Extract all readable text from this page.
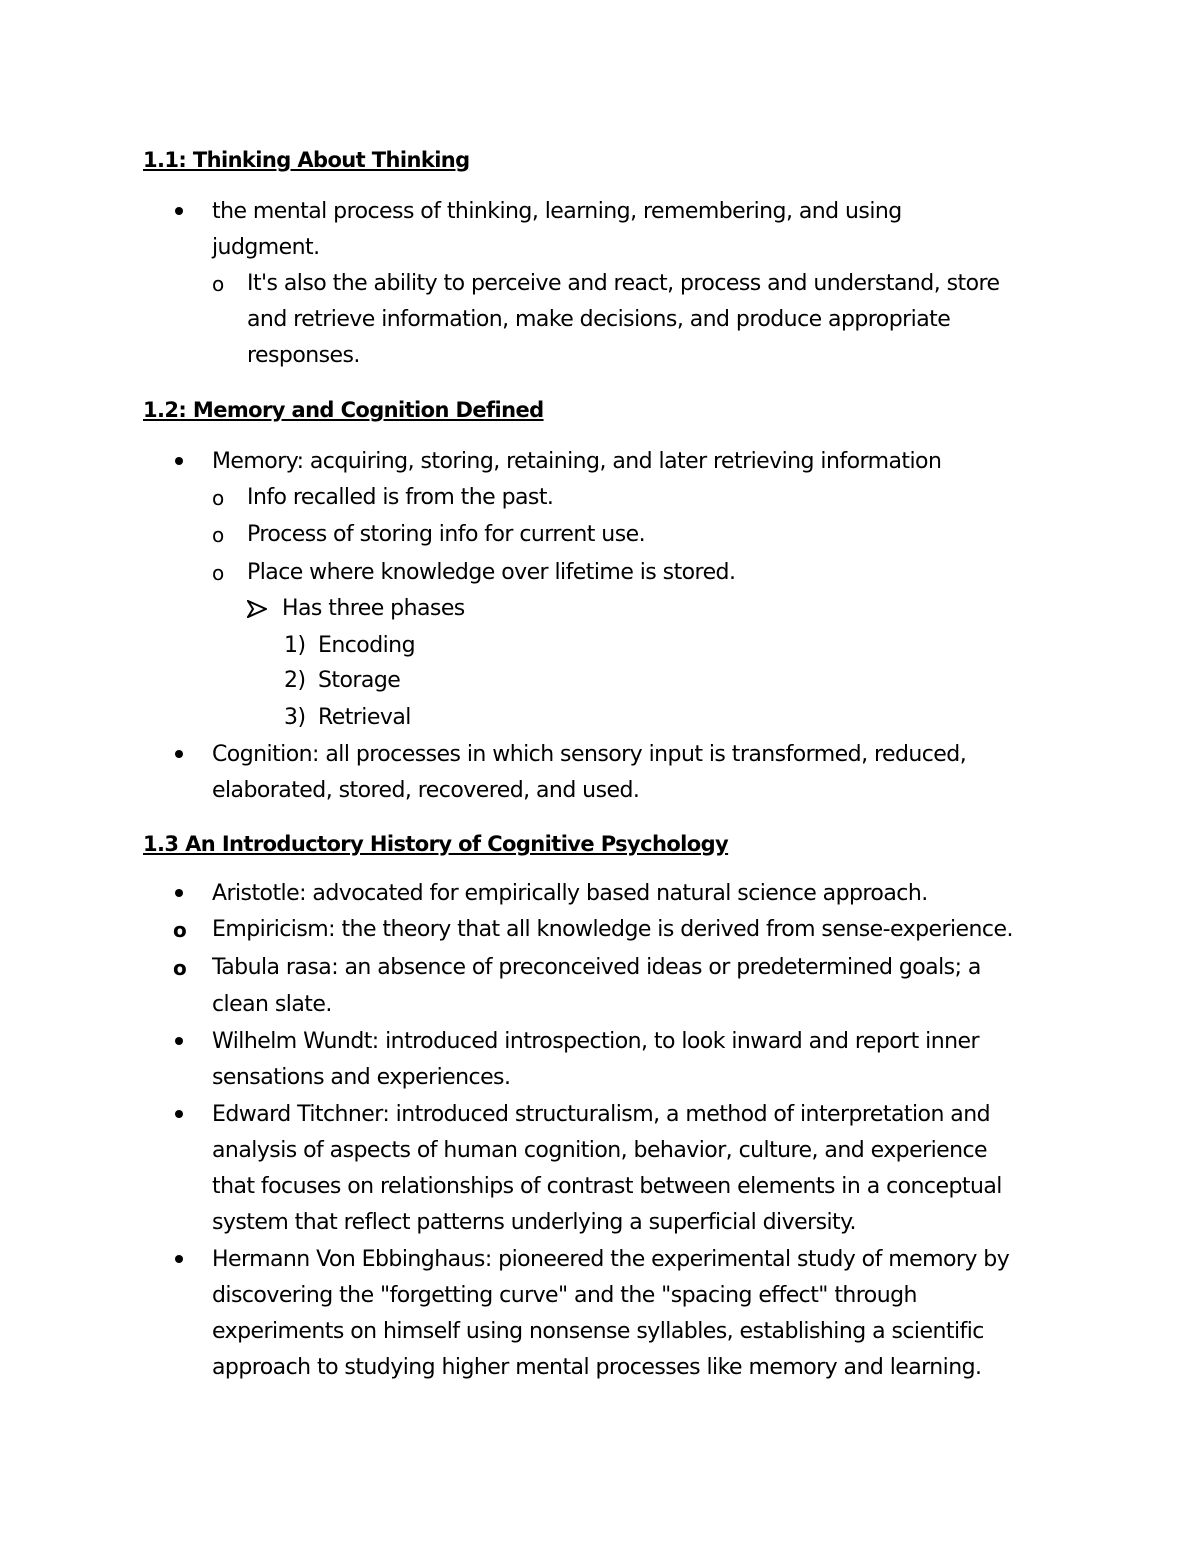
1.1: Thinking About Thinking
the mental process of thinking, learning, remembering, and using
judgment.
o It's also the ability to perceive and react, process and understand, store
and retrieve information, make decisions, and produce appropriate
responses.
1.2: Memory and Cognition Defined
Memory: acquiring, storing, retaining, and later retrieving information
o Info recalled is from the past.
o Process of storing info for current use.
o Place where knowledge over lifetime is stored.
Has three phases
1) Encoding
2) Storage
3) Retrieval
Cognition: all processes in which sensory input is transformed, reduced,
elaborated, stored, recovered, and used.
1.3 An Introductory History of Cognitive Psychology
Aristotle: advocated for empirically based natural science approach.
o Empiricism: the theory that all knowledge is derived from sense-experience.
o Tabula rasa: an absence of preconceived ideas or predetermined goals; a
clean slate.
Wilhelm Wundt: introduced introspection, to look inward and report inner
sensations and experiences.
Edward Titchner: introduced structuralism, a method of interpretation and
analysis of aspects of human cognition, behavior, culture, and experience
that focuses on relationships of contrast between elements in a conceptual
system that reflect patterns underlying a superficial diversity.
Hermann Von Ebbinghaus: pioneered the experimental study of memory by
discovering the "forgetting curve" and the "spacing effect" through
experiments on himself using nonsense syllables, establishing a scientific
approach to studying higher mental processes like memory and learning.
